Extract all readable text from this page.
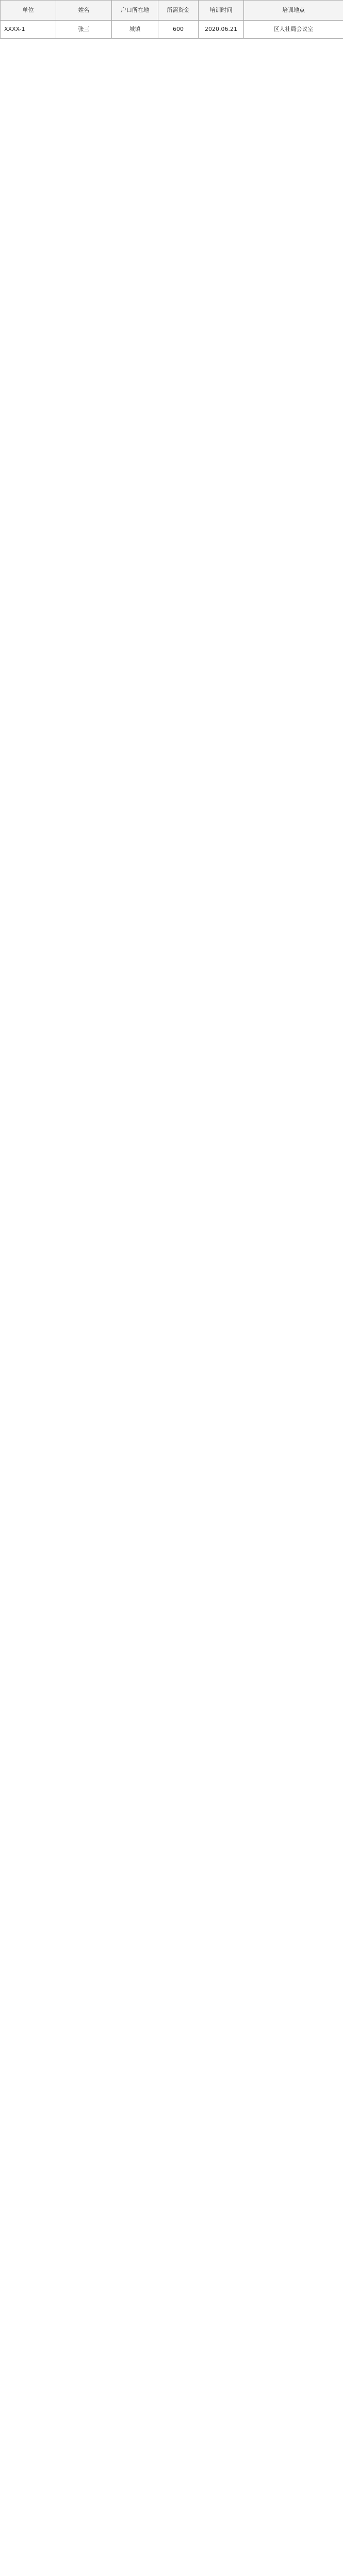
单位	姓名	户口所在地	所需资金	培训时间	培训地点
XXXX-1	张三	城镇	600	2020.06.21	区人社局会议室
